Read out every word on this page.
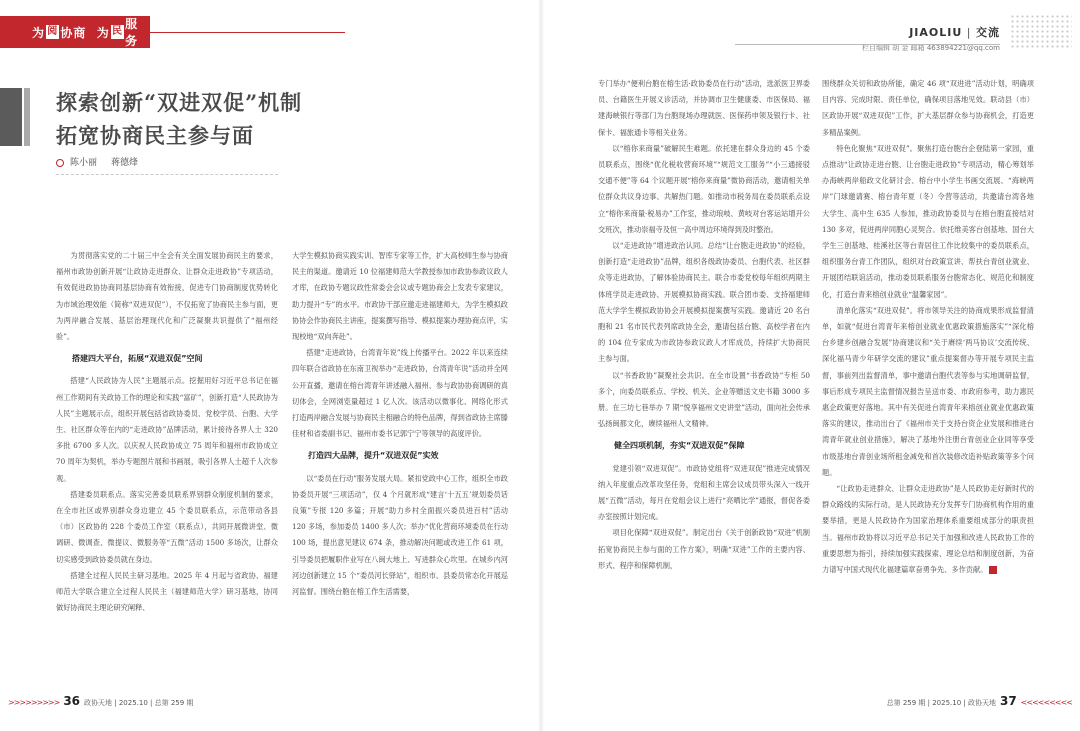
为 阅 协商  为 民
服务
JIAOLIU | 交流
栏目编辑 胡 金 邮箱 463894221@qq.com
探索创新“双进双促”机制
拓宽协商民主参与面
陈小丽 蒋德烽

为贯彻落实党的二十届三中全会有关全面发展协商民主的要求，福州市政协创新开展“让政协走进群众、让群众走进政协”专项活动，有效促进政协协商同基层协商有效衔接，促进专门协商制度优势转化为市域治理效能（简称“双进双促”），不仅拓宽了协商民主参与面，更为两岸融合发展、基层治理现代化和广泛凝聚共识提供了“福州经验”。

搭建四大平台，拓展“双进双促”空间

搭建“人民政协为人民”主题展示点。挖掘用好习近平总书记在福州工作期间有关政协工作的理论和实践“富矿”，创新打造“人民政协为人民”主题展示点，组织开展包括省政协委员、党校学员、台胞、大学生、社区群众等在内的“走进政协”品牌活动，累计接待各界人士 320 多批 6700 多人次。以庆祝人民政协成立 75 周年和福州市政协成立 70 周年为契机，举办专题图片展和书画展，吸引各界人士超千人次参观。

搭建委员联系点。落实完善委员联系界别群众制度机制的要求，在全市社区或界别群众身边建立 45 个委员联系点，示范带动各县（市）区政协的 228 个委员工作室（联系点），共同开展微讲堂、微调研、微调查、微提议、微服务等“五微”活动 1500 多场次，让群众切实感受到政协委员就在身边。

搭建全过程人民民主研习基地。2025 年 4 月起与省政协、福建师范大学联合建立全过程人民民主（福建师范大学）研习基地，协同做好协商民主理论研究阐释、

大学生模拟协商实践实训、智库专家等工作，扩大高校师生参与协商民主的渠道。邀请近 10 位福建师范大学教授参加市政协参政议政人才库，在政协专题议政性常委会会议或专题协商会上发表专家建议，助力提升“专”的水平。市政协干部应邀走进福建师大，为学生模拟政协协会作协商民主讲座，提案撰写指导、模拟提案办理协商点评，实现校地“双向奔赴”。

搭建“走进政协，台湾青年说”线上传播平台。2022 年以来连续四年联合省政协在东南卫视举办“走进政协，台湾青年说”活动并全网公开直播，邀请在榕台湾青年讲述融入福州、参与政协协商调研的真切体会，全网浏览量超过 1 亿人次。该活动以微事化、网络化形式打造两岸融合发展与协商民主相融合的特色品牌，得到省政协主席滕佳材和省委副书记、福州市委书记郭宁宁等领导的高度评价。

打造四大品牌，提升“双进双促”实效

以“委员在行动”服务发展大局。紧扣党政中心工作，组织全市政协委员开展“三项活动”，仅 4 个月就形成“建言‘十五五’规划委员话良策”专报 120 多篇；开展“助力乡村全面振兴委员进百村”活动 120 多场，参加委员 1400 多人次；举办“优化营商环境委员在行动 100 场，提出意见建议 674 条，推动解决问题或改进工作 61 项，引导委员把履职作业写在八闽大地上、写进群众心坎里。在城乡内河河边创新建立 15 个“委员河长驿站”，组织市、县委员常态化开展巡河监督。围绕台胞在榕工作生活需要，

专门举办“便利台胞在榕生活·政协委员在行动”活动，选派医卫界委员、台籍医生开展义诊活动，并协调市卫生健康委、市医保局、福建海峡银行等部门为台胞现场办理就医、医保药申领及银行卡、社保卡、福旅通卡等相关业务。

以“榕你来商量”破解民生难题。依托建在群众身边的 45 个委员联系点，围绕“优化税收营商环境”“规范文工服务”“小三通接驳交通不便”等 64 个议题开展“榕你来商量”微协商活动，邀请相关单位群众共议身边事、共解热门题。如推动市税务局在委员联系点设立“榕你来商量·税易办”工作室，推动琅岐、黄岐对台客运站增开公交班次，推动崇福寺及恒一高中周边环境得到及时整治。

以“走进政协”增进政治认同。总结“让台胞走进政协”的经验，创新打造“走进政协”品牌，组织各级政协委员、台胞代表、社区群众等走进政协，了解体验协商民主。联合市委党校每年组织两期主体班学员走进政协、开展模拟协商实践。联合团市委、支持福建师范大学学生模拟政协协会开展模拟提案撰写实践。邀请近 20 名台胞和 21 名市民代表列席政协全会，邀请包括台胞、高校学者在内的 104 位专家成为市政协参政议政人才库成员，持续扩大协商民主参与面。

以“书香政协”凝聚社会共识。在全市设置“书香政协”专柜 50 多个，向委员联系点、学校、机关、企业等赠送文史书籍 3000 多册。在三坊七巷举办 7 期“悦享福州文史讲堂”活动，面向社会传承弘扬闽都文化，赓续福州人文精神。

健全四项机制，夯实“双进双促”保障

党建引领“双进双促”。市政协党组将“双进双促”推进完成情况纳入年度重点改革攻坚任务，党组和主席会议成员带头深入一线开展“五微”活动，每月在党组会议上进行“亮晒比学”通报，督促各委办室按照计划完成。

项目化保障“双进双促”。制定出台《关于创新政协“双进”机制拓宽协商民主参与面的工作方案》，明确“双进”工作的主要内容、形式、程序和保障机制，

围绕群众关切和政协所能，确定 46 项“双进进”活动计划，明确项目内容、完成时限、责任单位，确保项目落地见效。联动县（市）区政协开展“双进双促”工作，扩大基层群众参与协商机会，打造更多精品案例。

特色化聚焦“双进双促”。聚焦打造台胞台企登陆第一家园，重点推动“让政协走进台胞、让台胞走进政协”专项活动，精心筹划举办海峡两岸船政文化研讨会、榕台中小学生书画交流展、“海峡两岸”门球邀请赛、榕台青年夏（冬）令营等活动，共邀请台湾各地大学生、高中生 635 人参加，推动政协委员与在榕台胞直接结对 130 多对，促进两岸同胞心灵契合。依托维美客台创基地、国台大学生三创基地、桂溪社区等台青居住工作比较集中的委员联系点，组织服务台青工作团队，组织对台政策宣讲、帮扶台青创业就业、开展团结联谊活动，推动委员联系服务台胞常态化、规范化和制度化，打造台青来榕创业就业“温馨家园”。

清单化落实“双进双促”。将市领导关注的协商成果形成监督清单，如就“促进台湾青年来榕创业就业优惠政策措施落实”“深化榕台乡建乡创融合发展”协商建议和“关于赓续‘两马协议’交流传统、深化福马青少年研学交流的建议”重点提案督办等开展专项民主监督，事前列出监督清单，事中邀请台胞代表等参与实地调研监督，事后形成专项民主监督情况报告呈送市委、市政府参考，助力惠民惠企政策更好落地。其中有关促进台湾青年来榕创业就业优惠政策落实的建议，推动出台了《福州市关于支持台资企业发展和推进台湾青年就业创业措施》，解决了基地外注册台青创业企业同等享受市级基地台青创业场所租金减免和首次装修改造补贴政策等多个问题。

“让政协走进群众、让群众走进政协”是人民政协走好新时代的群众路线的实际行动，是人民政协充分发挥专门协商机构作用的重要举措，更是人民政协作为国家治理体系重要组成部分的职责担当。福州市政协将以习近平总书记关于加强和改进人民政协工作的重要思想为指引，持续加强实践探索、理论总结和制度创新，为奋力谱写中国式现代化福建篇章奋勇争先、多作贡献。	Z

>>>>>>>>> 36 政协天地 | 2025.10 | 总第 259 期	总第 259 期 | 2025.10 | 政协天地 37 <<<<<<<<<
